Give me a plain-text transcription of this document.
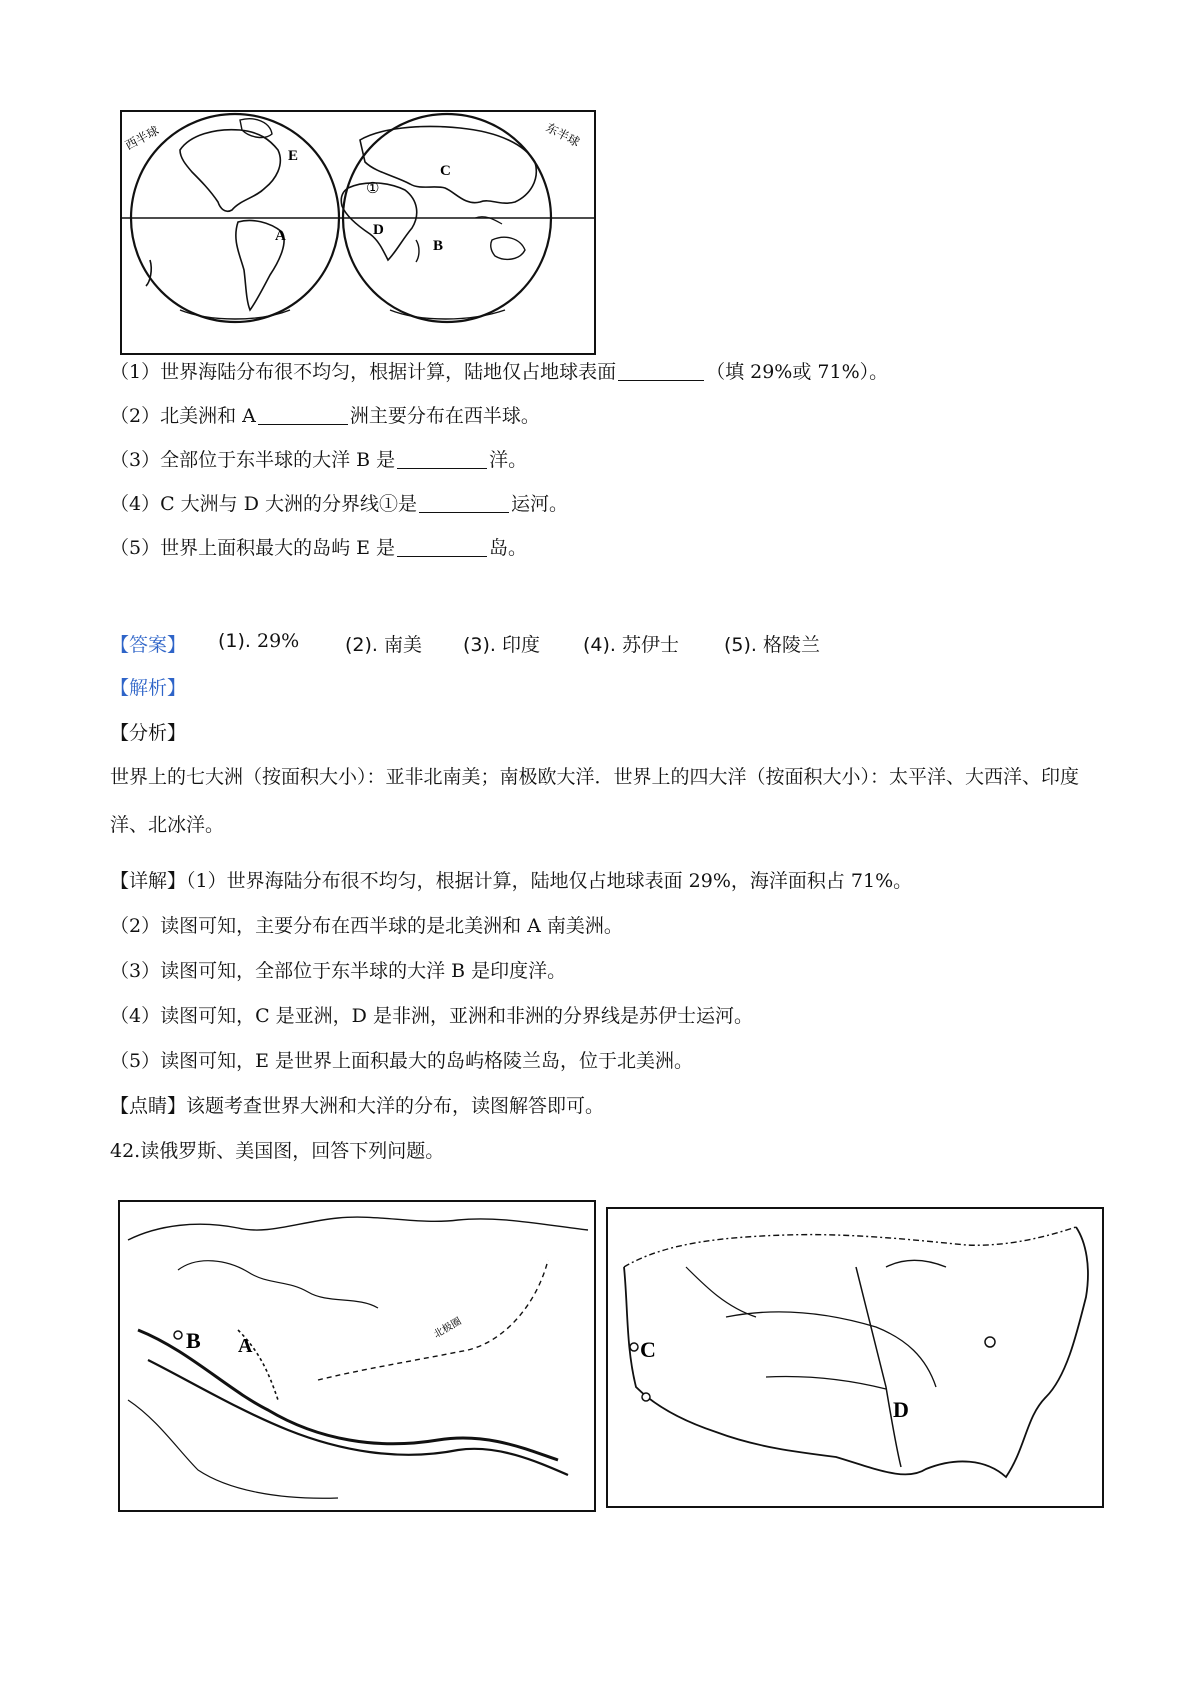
西半球	东半球
E
A
C
D
B
①
（1）世界海陆分布很不均匀，根据计算，陆地仅占地球表面	（填 29%或 71%）。
（2）北美洲和 A	洲主要分布在西半球。
（3）全部位于东半球的大洋 B 是	洋。
（4）C 大洲与 D 大洲的分界线①是	运河。
（5）世界上面积最大的岛屿 E 是	岛。
【答案】 (1). 29% (2). 南美 (3). 印度 (4). 苏伊士 (5). 格陵兰
【解析】
【分析】
世界上的七大洲（按面积大小）：亚非北南美；南极欧大洋．世界上的四大洋（按面积大小）：太平洋、大西洋、印度洋、北冰洋。
【详解】（1）世界海陆分布很不均匀，根据计算，陆地仅占地球表面 29%，海洋面积占 71%。
（2）读图可知，主要分布在西半球的是北美洲和 A 南美洲。
（3）读图可知，全部位于东半球的大洋 B 是印度洋。
（4）读图可知，C 是亚洲，D 是非洲，亚洲和非洲的分界线是苏伊士运河。
（5）读图可知，E 是世界上面积最大的岛屿格陵兰岛，位于北美洲。
【点睛】该题考查世界大洲和大洋的分布，读图解答即可。
42.读俄罗斯、美国图，回答下列问题。
B A
北极圈
C
D
